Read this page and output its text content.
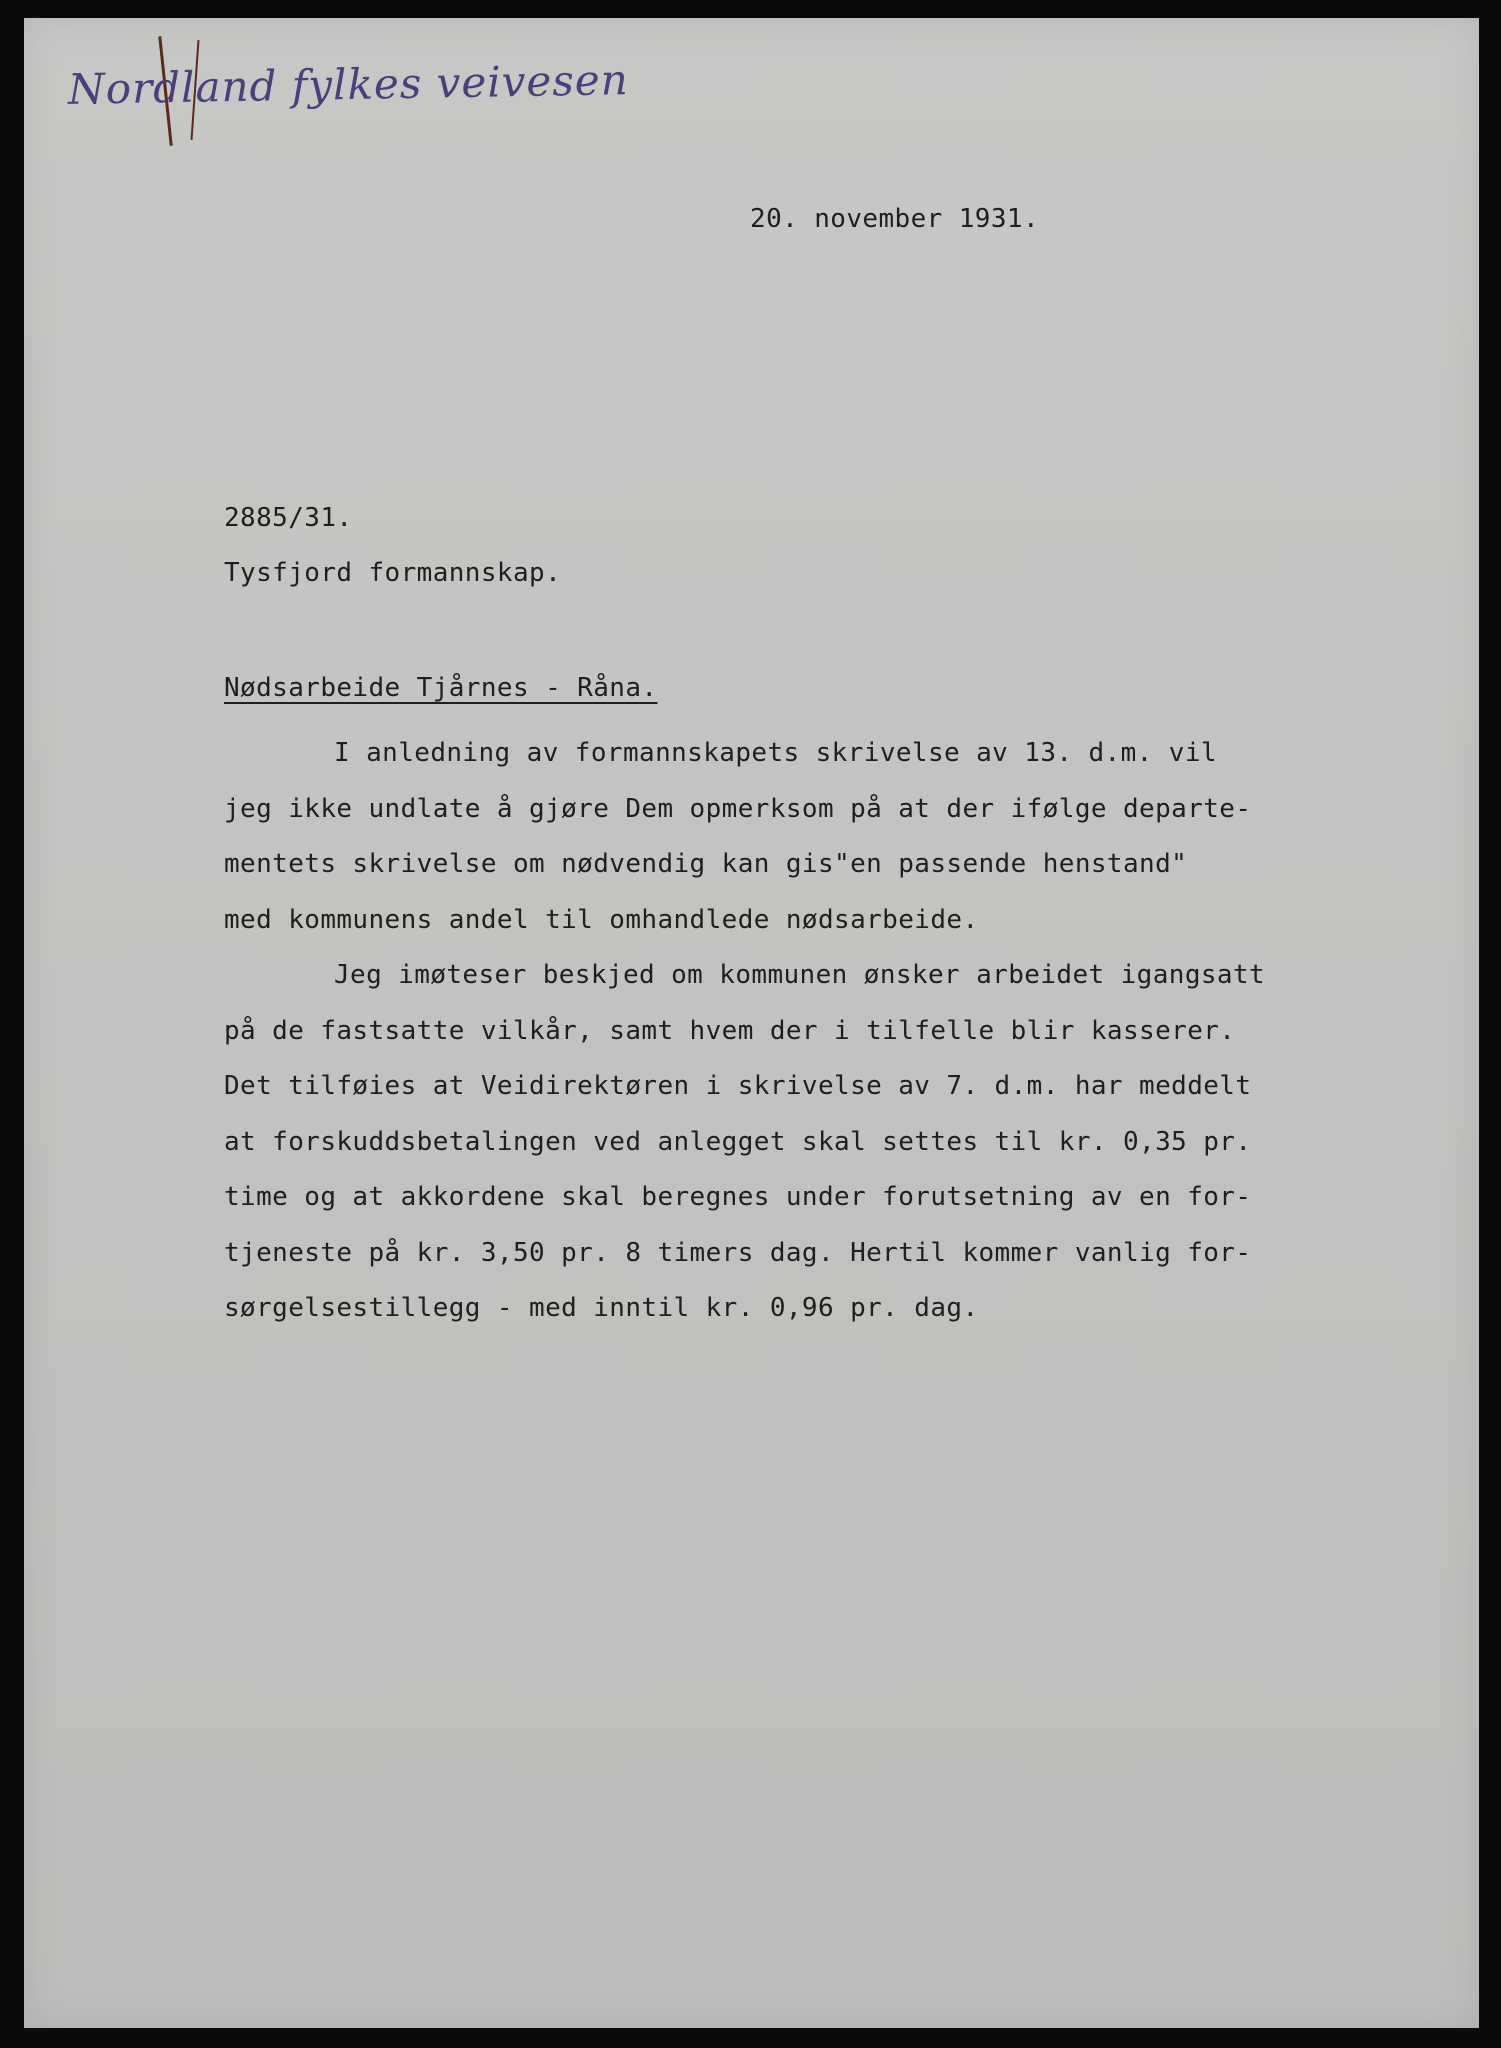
Nordland fylkes veivesen
20. november 1931.
2885/31.
Tysfjord formannskap.
Nødsarbeide Tjårnes - Råna.

I anledning av formannskapets skrivelse av 13. d.m. vil
jeg ikke undlate å gjøre Dem opmerksom på at der ifølge departe-
mentets skrivelse om nødvendig kan gis"en passende henstand"
med kommunens andel til omhandlede nødsarbeide.

Jeg imøteser beskjed om kommunen ønsker arbeidet igangsatt
på de fastsatte vilkår, samt hvem der i tilfelle blir kasserer.
Det tilføies at Veidirektøren i skrivelse av 7. d.m. har meddelt
at forskuddsbetalingen ved anlegget skal settes til kr. 0,35 pr.
time og at akkordene skal beregnes under forutsetning av en for-
tjeneste på kr. 3,50 pr. 8 timers dag. Hertil kommer vanlig for-
sørgelsestillegg - med inntil kr. 0,96 pr. dag.
